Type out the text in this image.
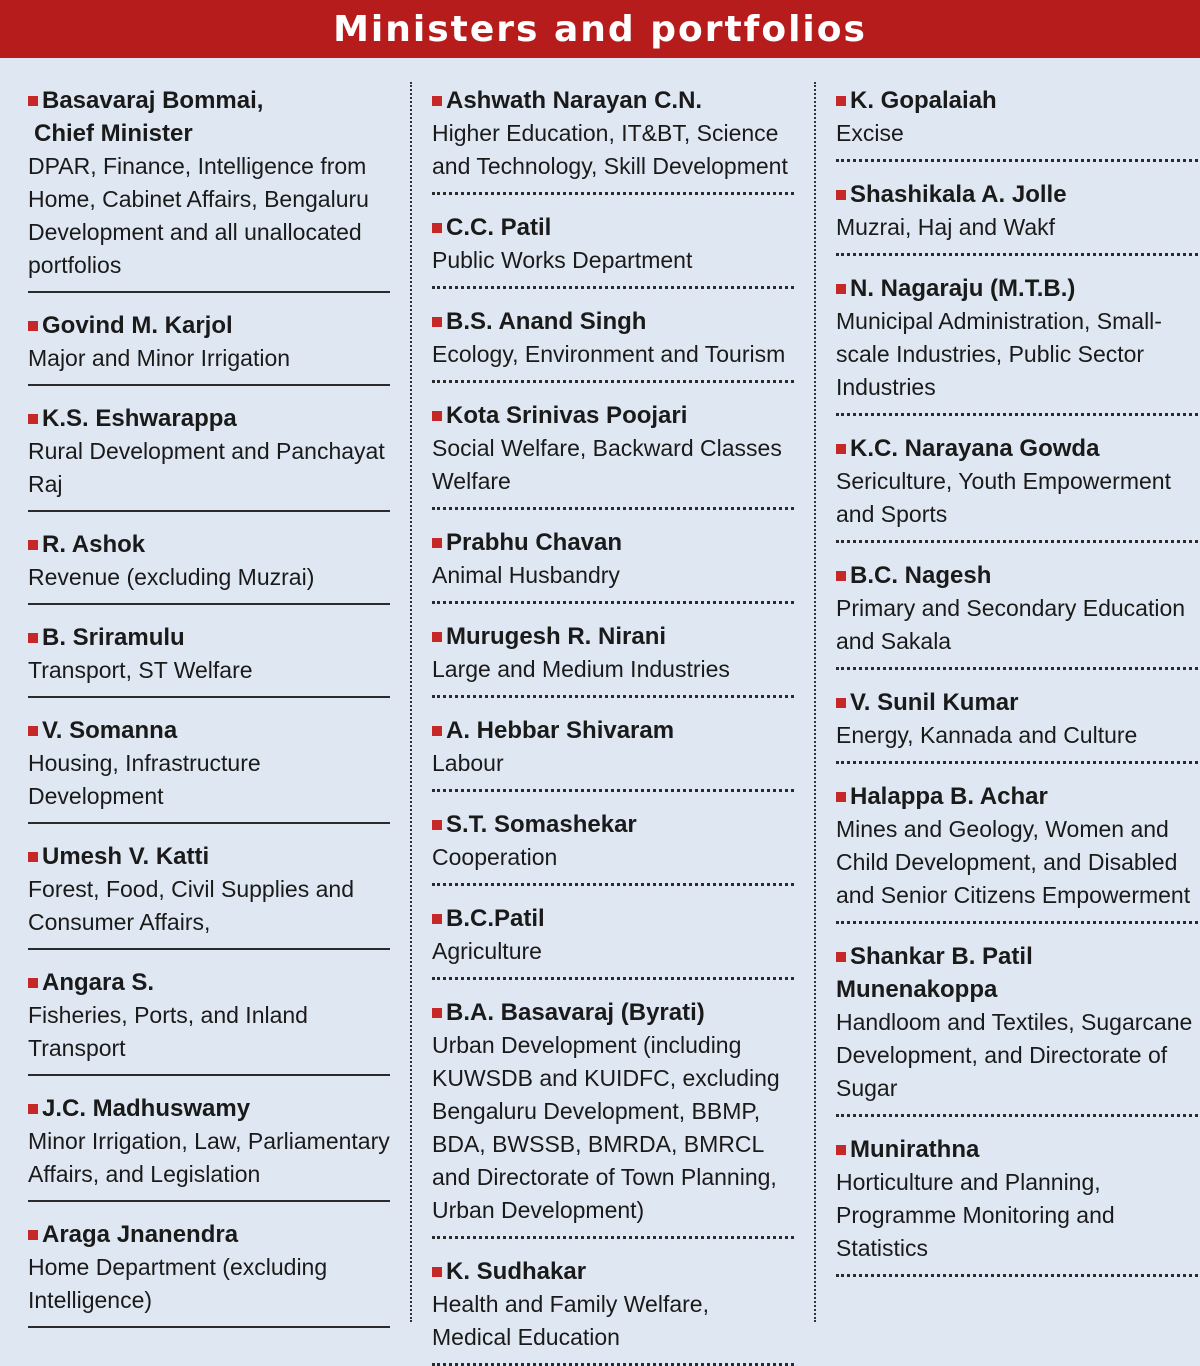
Ministers and portfolios
Basavaraj Bommai,
Chief Minister
DPAR, Finance, Intelligence from Home, Cabinet Affairs, Bengaluru Development and all unallocated portfolios
Govind M. Karjol
Major and Minor Irrigation
K.S. Eshwarappa
Rural Development and Panchayat Raj
R. Ashok
Revenue (excluding Muzrai)
B. Sriramulu
Transport, ST Welfare
V. Somanna
Housing, Infrastructure Development
Umesh V. Katti
Forest, Food, Civil Supplies and Consumer Affairs,
Angara S.
Fisheries, Ports, and Inland Transport
J.C. Madhuswamy
Minor Irrigation, Law, Parliamentary Affairs, and Legislation
Araga Jnanendra
Home Department (excluding Intelligence)
Ashwath Narayan C.N.
Higher Education, IT&BT, Science and Technology, Skill Development
C.C. Patil
Public Works Department
B.S. Anand Singh
Ecology, Environment and Tourism
Kota Srinivas Poojari
Social Welfare, Backward Classes Welfare
Prabhu Chavan
Animal Husbandry
Murugesh R. Nirani
Large and Medium Industries
A. Hebbar Shivaram
Labour
S.T. Somashekar
Cooperation
B.C.Patil
Agriculture
B.A. Basavaraj (Byrati)
Urban Development (including KUWSDB and KUIDFC, excluding Bengaluru Development, BBMP, BDA, BWSSB, BMRDA, BMRCL and Directorate of Town Planning, Urban Development)
K. Sudhakar
Health and Family Welfare, Medical Education
K. Gopalaiah
Excise
Shashikala A. Jolle
Muzrai, Haj and Wakf
N. Nagaraju (M.T.B.)
Municipal Administration, Small-scale Industries, Public Sector Industries
K.C. Narayana Gowda
Sericulture, Youth Empowerment and Sports
B.C. Nagesh
Primary and Secondary Education and Sakala
V. Sunil Kumar
Energy, Kannada and Culture
Halappa B. Achar
Mines and Geology, Women and Child Development, and Disabled and Senior Citizens Empowerment
Shankar B. Patil Munenakoppa
Handloom and Textiles, Sugarcane Development, and Directorate of Sugar
Munirathna
Horticulture and Planning, Programme Monitoring and Statistics
